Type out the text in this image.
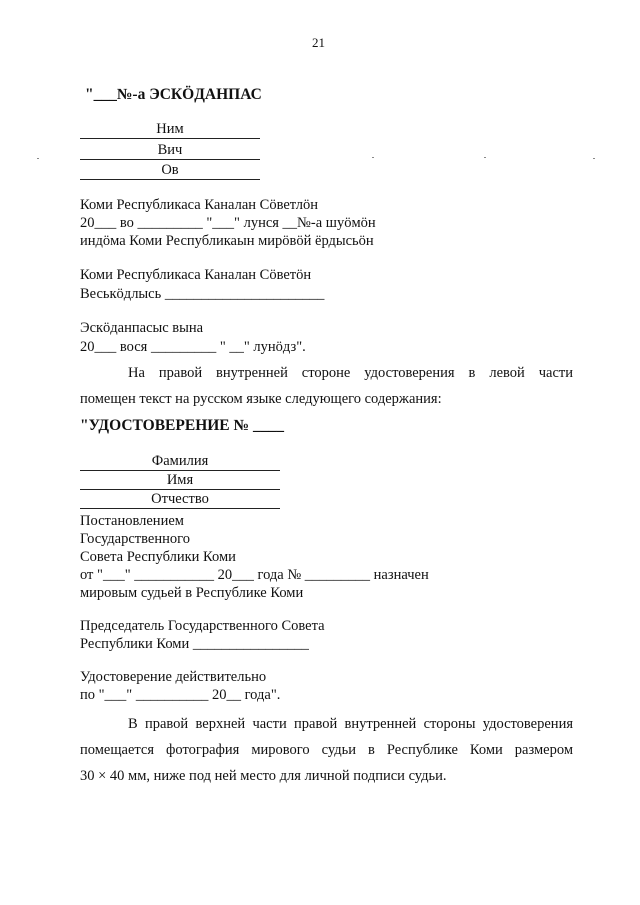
21
"___№-а ЭСКӦДАНПАС
Ним
Вич
Ов
Коми Республикаса Каналан Сӧветлӧн
20___ во _________ "___" лунся __№-а шуӧмӧн
индӧма Коми Республикаын мирӧвӧй ёрдысьӧн
Коми Республикаса Каналан Сӧветӧн
Веськӧдлысь ______________________
Эскӧданпасыс вына
20___ вося _________ " __" лунӧдз".
На правой внутренней стороне удостоверения в левой части
помещен текст на русском языке следующего содержания:
"УДОСТОВЕРЕНИЕ № ____
Фамилия
Имя
Отчество
Постановлением
Государственного
Совета Республики Коми
от "___" ___________ 20___ года № _________ назначен
мировым судьей в Республике Коми
Председатель Государственного Совета
Республики Коми ________________
Удостоверение действительно
по "___" __________ 20__ года".
В правой верхней части правой внутренней стороны удостоверения
помещается фотография мирового судьи в Республике Коми размером
30 × 40 мм, ниже под ней место для личной подписи судьи.
